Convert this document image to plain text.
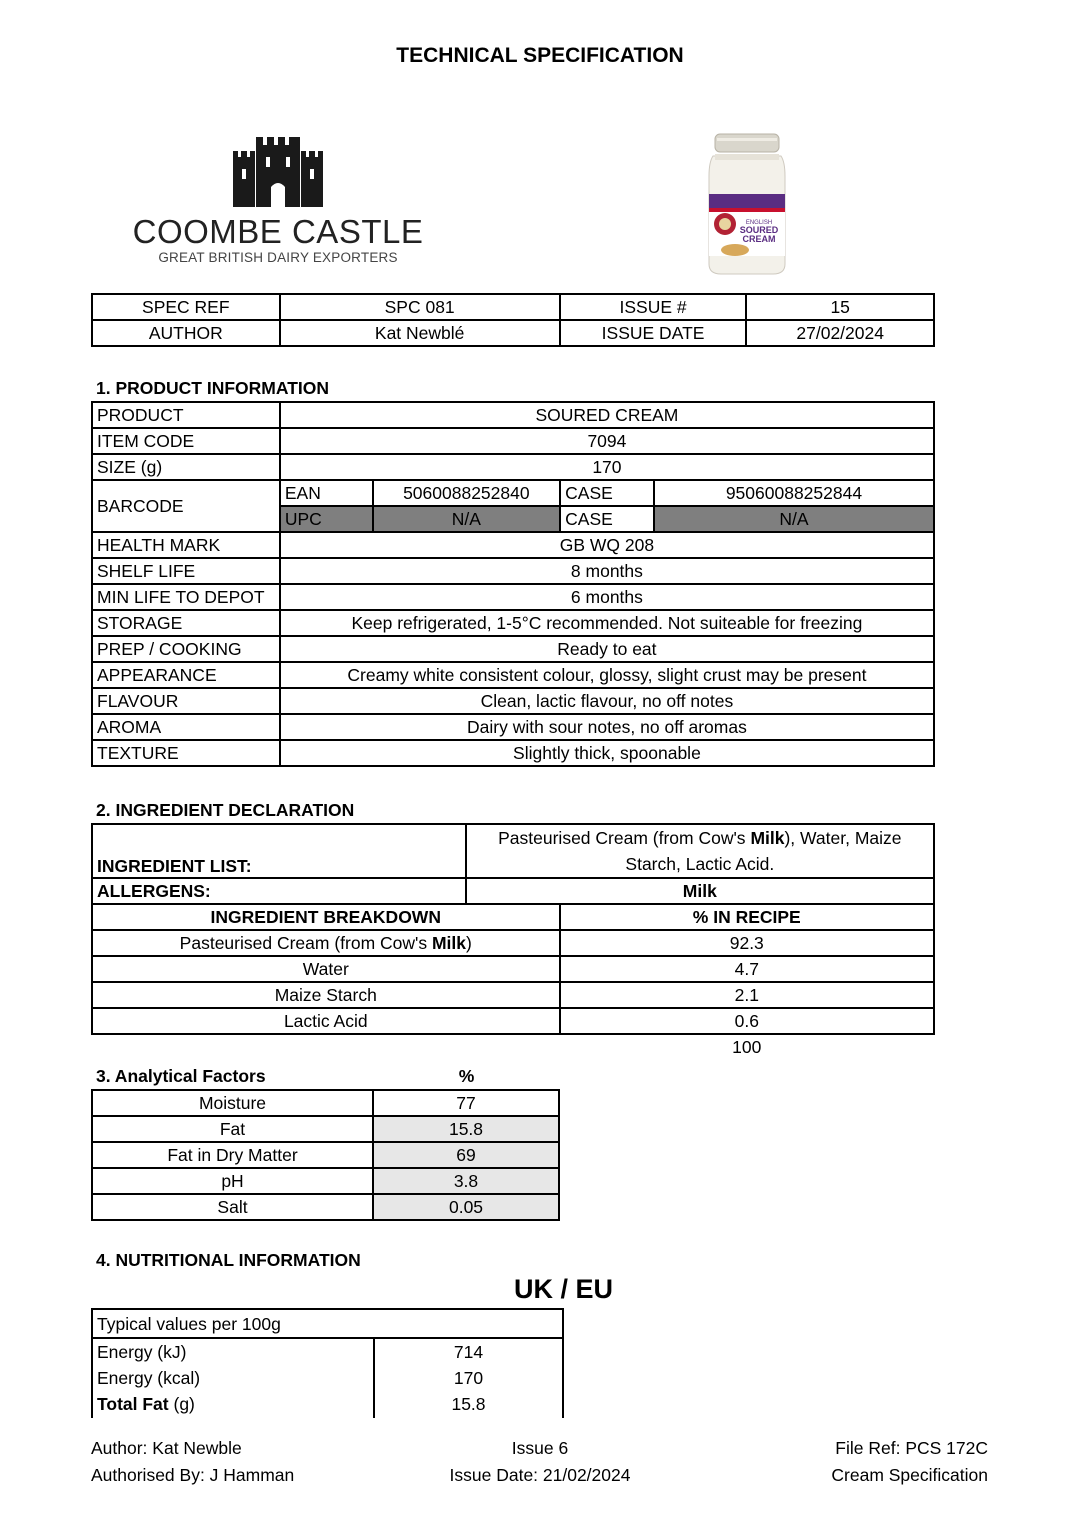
TECHNICAL SPECIFICATION
COOMBE CASTLE
GREAT BRITISH DAIRY EXPORTERS
ENGLISH
SOURED
CREAM
SPEC REF	SPC 081	ISSUE #	15
AUTHOR	Kat Newblé	ISSUE DATE	27/02/2024
1. PRODUCT INFORMATION
PRODUCT	SOURED CREAM			
ITEM CODE	7094			
SIZE (g)	170			
BARCODE	EAN	5060088252840	CASE	95060088252844
	UPC	N/A	CASE	N/A
HEALTH MARK	GB WQ 208			
SHELF LIFE	8 months			
MIN LIFE TO DEPOT	6 months			
STORAGE	Keep refrigerated, 1-5°C recommended. Not suiteable for freezing			
PREP / COOKING	Ready to eat			
APPEARANCE	Creamy white consistent colour, glossy, slight crust may be present			
FLAVOUR	Clean, lactic flavour, no off notes			
AROMA	Dairy with sour notes, no off aromas			
TEXTURE	Slightly thick, spoonable			
2. INGREDIENT DECLARATION
INGREDIENT LIST:	Pasteurised Cream (from Cow's Milk), Water, Maize
Starch, Lactic Acid.	
ALLERGENS:	Milk	
INGREDIENT BREAKDOWN		% IN RECIPE
Pasteurised Cream (from Cow's Milk)		92.3
Water		4.7
Maize Starch		2.1
Lactic Acid		0.6
		100
3. Analytical Factors	%
Moisture	77
Fat	15.8
Fat in Dry Matter	69
pH	3.8
Salt	0.05
4. NUTRITIONAL INFORMATION
UK / EU
Typical values per 100g
Energy (kJ)	714
Energy (kcal)	170
Total Fat (g)	15.8
Author: Kat Newble
Authorised By: J Hamman
Issue 6
Issue Date: 21/02/2024
File Ref: PCS 172C
Cream Specification
